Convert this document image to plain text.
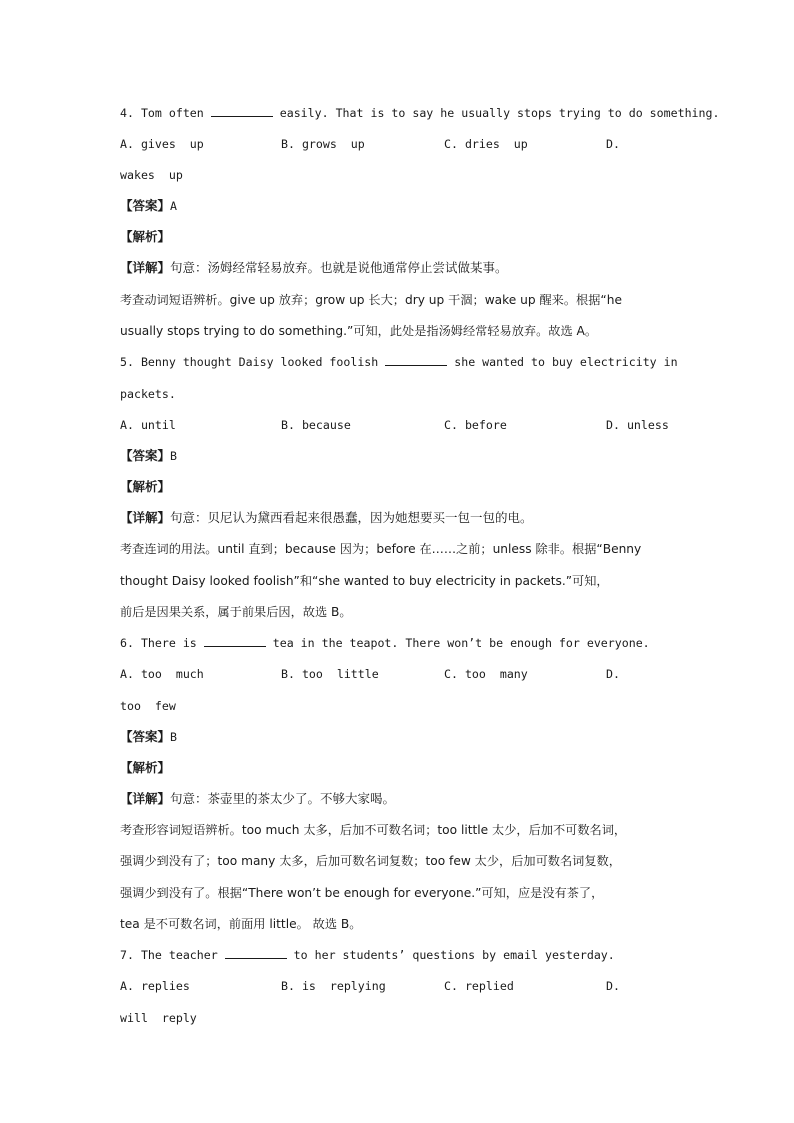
4. Tom often	easily. That is to say he usually stops trying to do something.
A. gives  up	B. grows  up	C. dries  up	D.
wakes  up
【答案】A
【解析】
【详解】句意：汤姆经常轻易放弃。也就是说他通常停止尝试做某事。
考查动词短语辨析。give up 放弃；grow up 长大；dry up 干涸；wake up 醒来。根据“he
usually stops trying to do something.”可知，此处是指汤姆经常轻易放弃。故选 A。
5. Benny thought Daisy looked foolish	she wanted to buy electricity in
packets.
A. until	B. because	C. before	D. unless
【答案】B
【解析】
【详解】句意：贝尼认为黛西看起来很愚蠢，因为她想要买一包一包的电。
考查连词的用法。until 直到；because 因为；before 在……之前；unless 除非。根据“Benny
thought Daisy looked foolish”和“she wanted to buy electricity in packets.”可知，
前后是因果关系，属于前果后因，故选 B。
6. There is	tea in the teapot. There won’t be enough for everyone.
A. too  much	B. too  little	C. too  many	D.
too  few
【答案】B
【解析】
【详解】句意：茶壶里的茶太少了。不够大家喝。
考查形容词短语辨析。too much 太多，后加不可数名词；too little 太少，后加不可数名词，
强调少到没有了；too many 太多，后加可数名词复数；too few 太少，后加可数名词复数，
强调少到没有了。根据“There won’t be enough for everyone.”可知，应是没有茶了，
tea 是不可数名词，前面用 little。 故选 B。
7. The teacher	to her students’ questions by email yesterday.
A. replies	B. is  replying	C. replied	D.
will  reply
